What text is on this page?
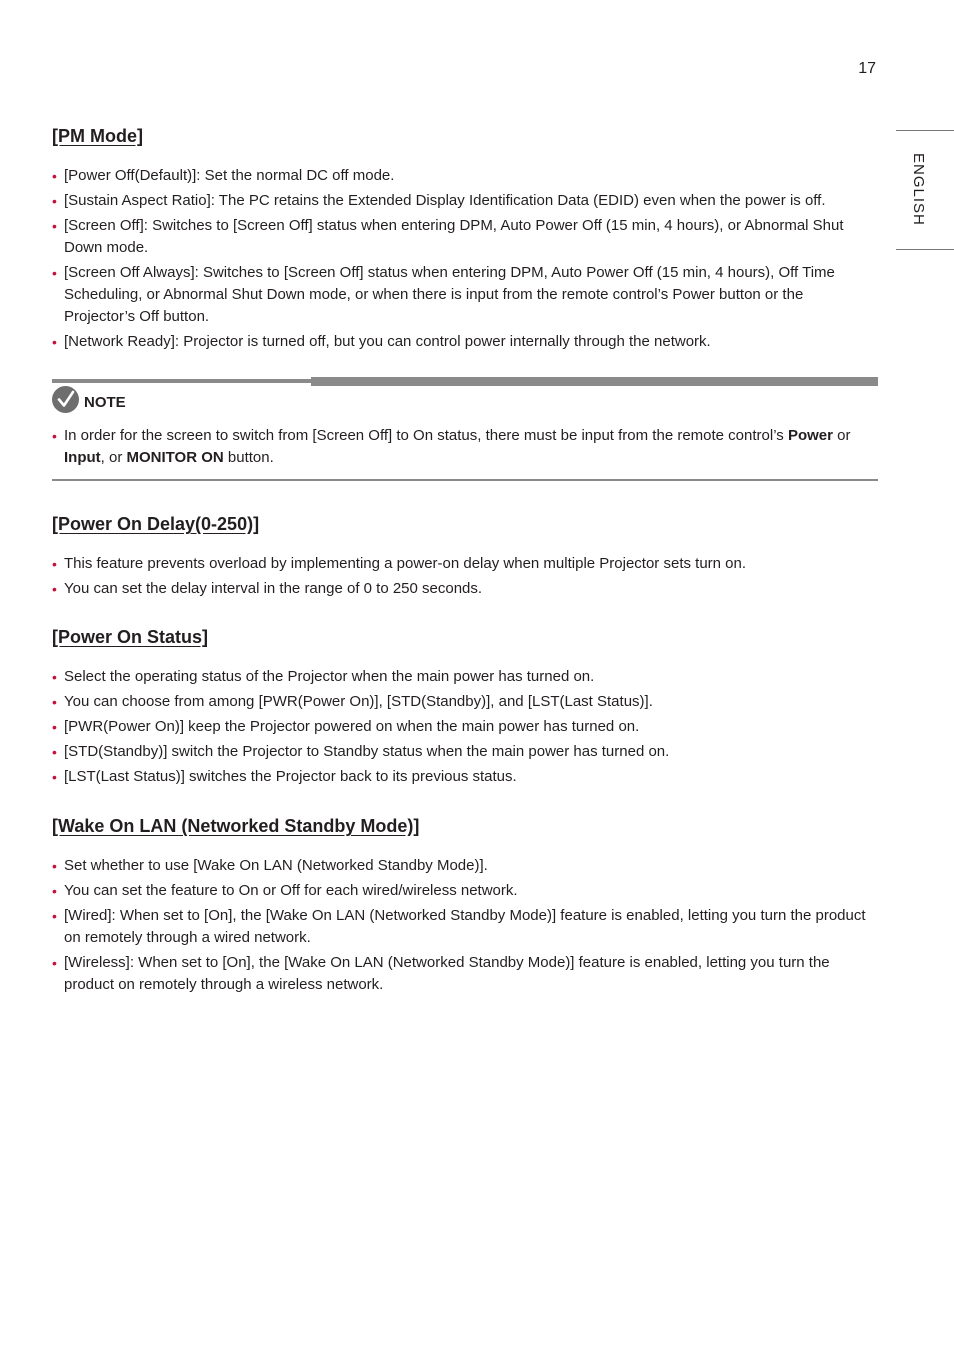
17
ENGLISH
[PM Mode]
• [Power Off(Default)]: Set the normal DC off mode.
• [Sustain Aspect Ratio]: The PC retains the Extended Display Identification Data (EDID) even when the power is off.
• [Screen Off]: Switches to [Screen Off] status when entering DPM, Auto Power Off (15 min, 4 hours), or Abnormal Shut Down mode.
• [Screen Off Always]: Switches to [Screen Off] status when entering DPM, Auto Power Off (15 min, 4 hours), Off Time Scheduling, or Abnormal Shut Down mode, or when there is input from the remote control’s Power button or the Projector’s Off button.
• [Network Ready]: Projector is turned off, but you can control power internally through the network.
NOTE
• In order for the screen to switch from [Screen Off] to On status, there must be input from the remote control’s Power or Input, or MONITOR ON button.
[Power On Delay(0-250)]
• This feature prevents overload by implementing a power-on delay when multiple Projector sets turn on.
• You can set the delay interval in the range of 0 to 250 seconds.
[Power On Status]
• Select the operating status of the Projector when the main power has turned on.
• You can choose from among [PWR(Power On)], [STD(Standby)], and [LST(Last Status)].
• [PWR(Power On)] keep the Projector powered on when the main power has turned on.
• [STD(Standby)] switch the Projector to Standby status when the main power has turned on.
• [LST(Last Status)] switches the Projector back to its previous status.
[Wake On LAN (Networked Standby Mode)]
• Set whether to use [Wake On LAN (Networked Standby Mode)].
• You can set the feature to On or Off for each wired/wireless network.
• [Wired]: When set to [On], the [Wake On LAN (Networked Standby Mode)] feature is enabled, letting you turn the product on remotely through a wired network.
• [Wireless]: When set to [On], the [Wake On LAN (Networked Standby Mode)] feature is enabled, letting you turn the product on remotely through a wireless network.
